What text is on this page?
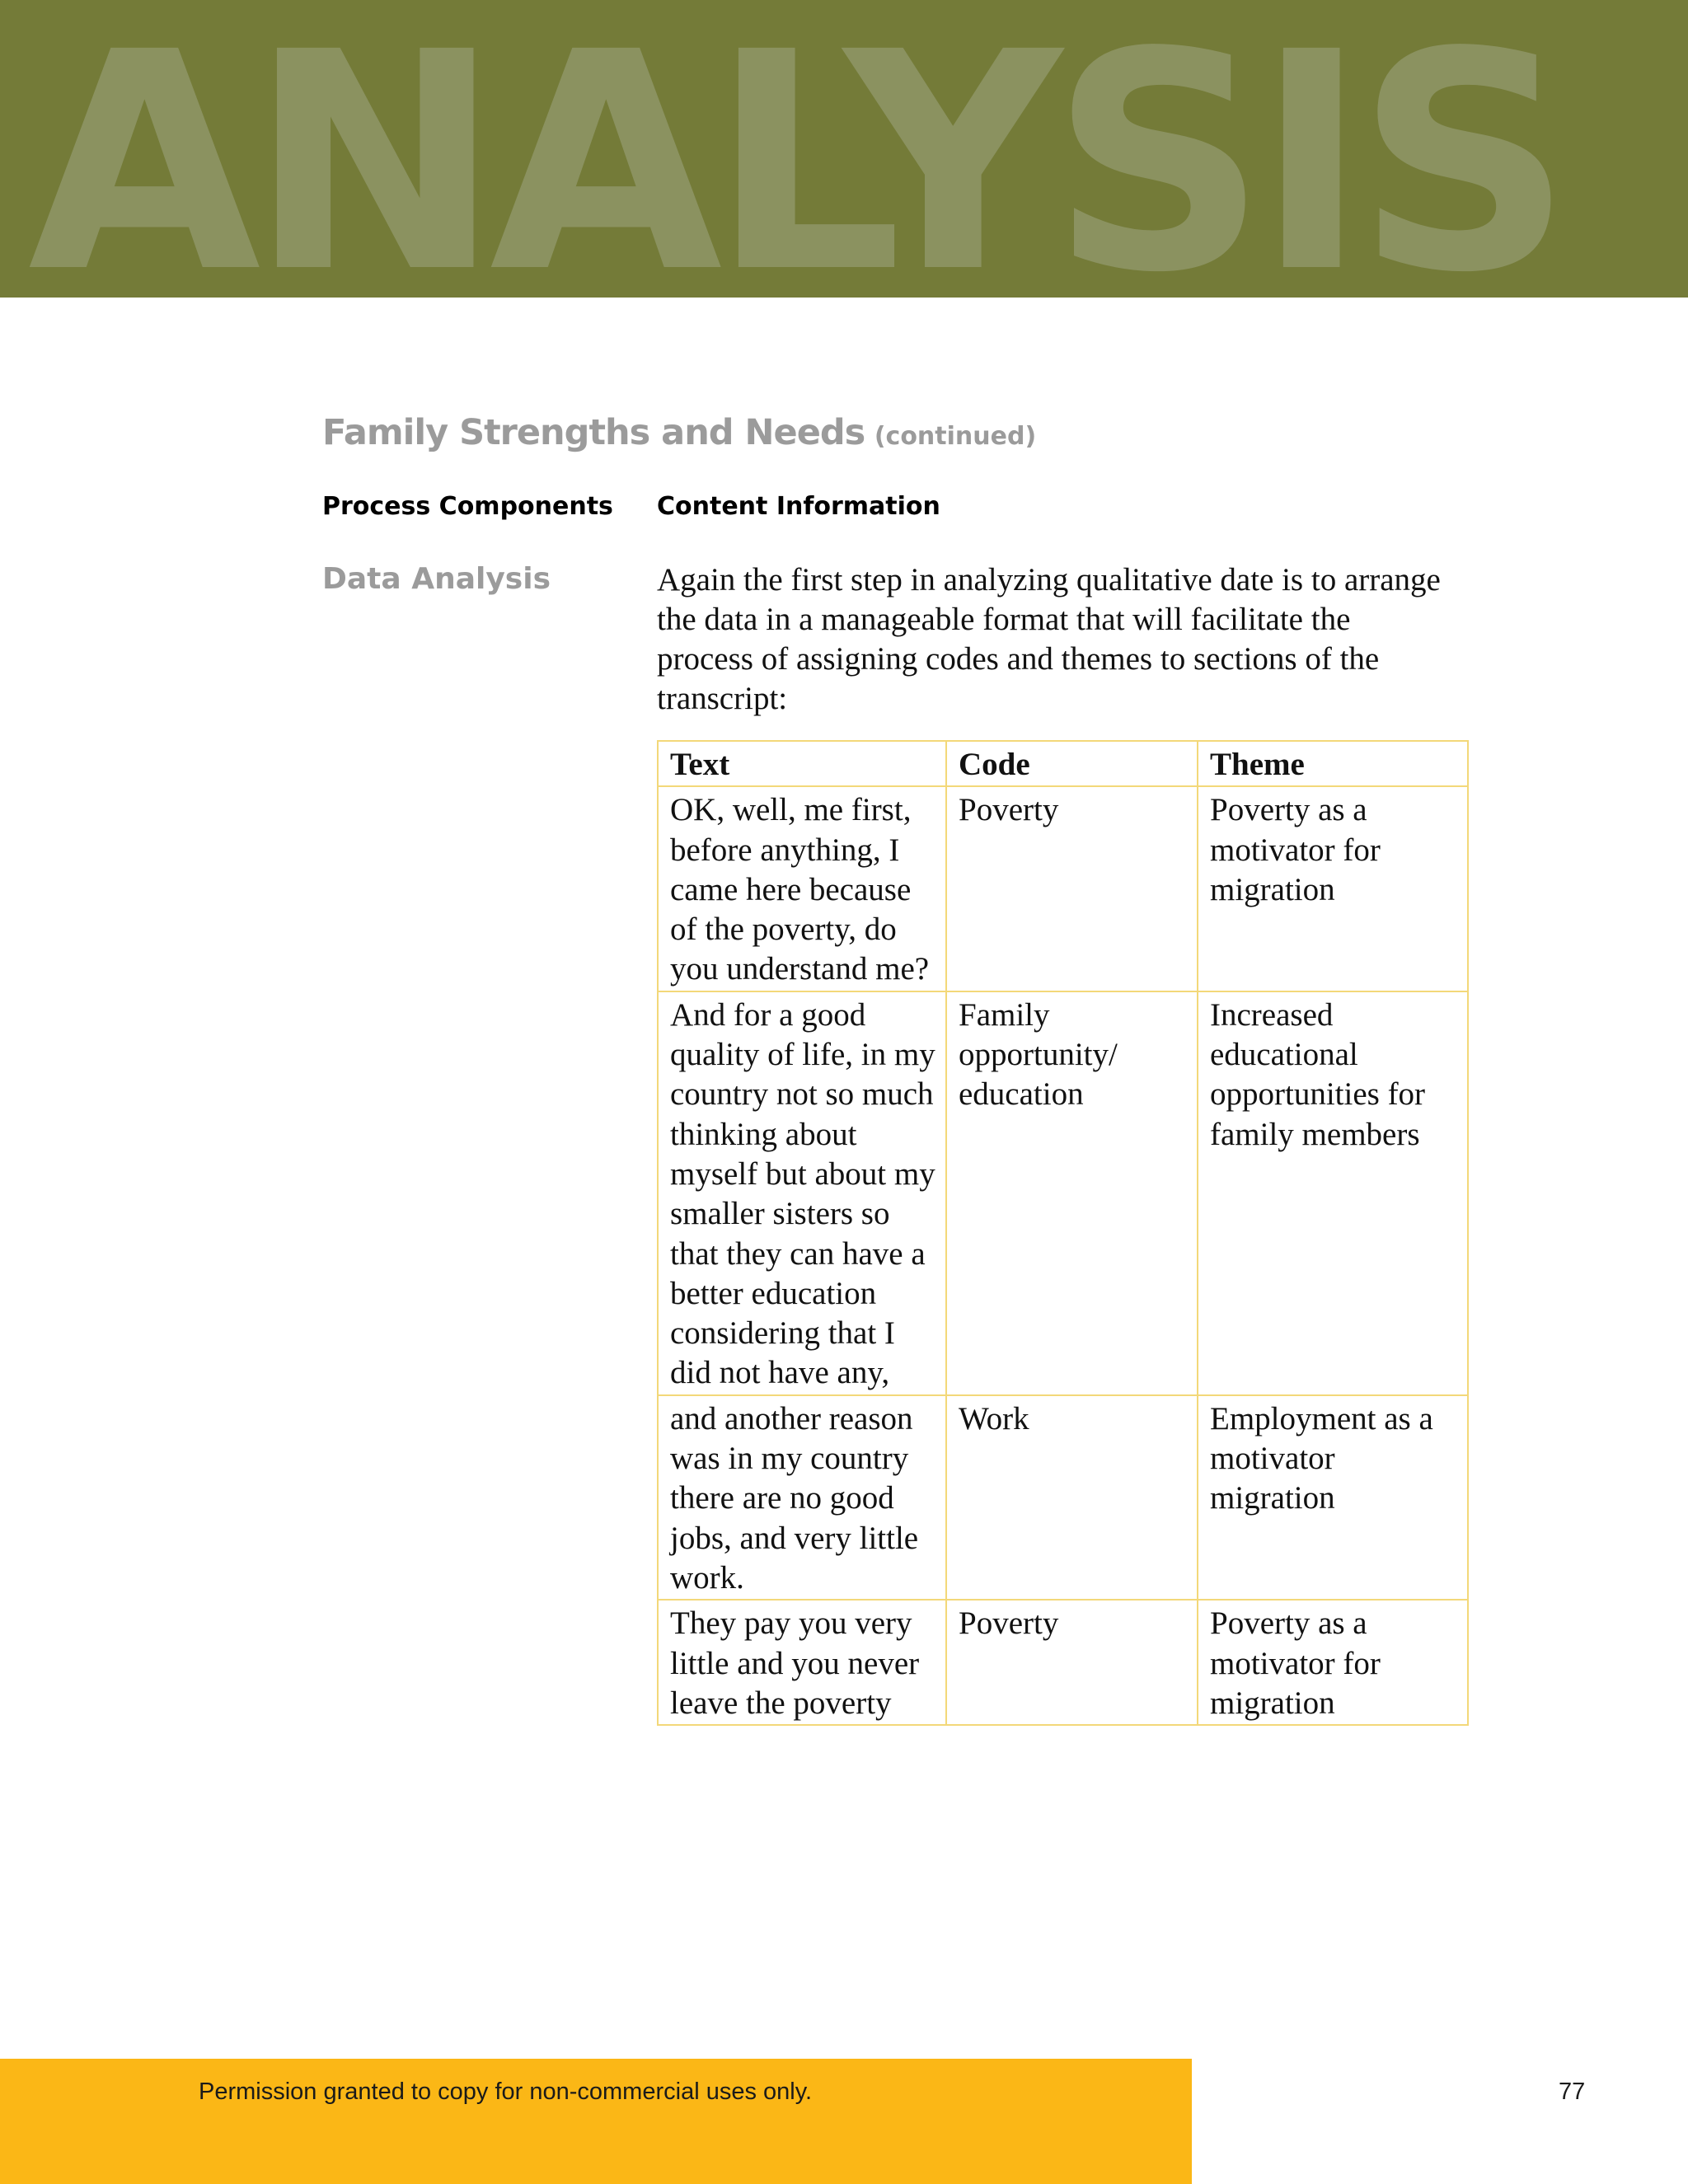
ANALYSIS
Family Strengths and Needs (continued)
Process Components Content Information
Data Analysis	Again the first step in analyzing qualitative date is to arrange the data in a manageable format that will facilitate the process of assigning codes and themes to sections of the transcript:
Text	Code	Theme
OK, well, me first, before anything, I came here because of the poverty, do you understand me?	Poverty	Poverty as a motivator for migration
And for a good quality of life, in my country not so much thinking about myself but about my smaller sisters so that they can have a better education considering that I did not have any,	Family opportunity/ education	Increased educational opportunities for family members
and another reason was in my country there are no good jobs, and very little work.	Work	Employment as a motivator migration
They pay you very little and you never leave the poverty	Poverty	Poverty as a motivator for migration
Permission granted to copy for non-commercial uses only.	77
